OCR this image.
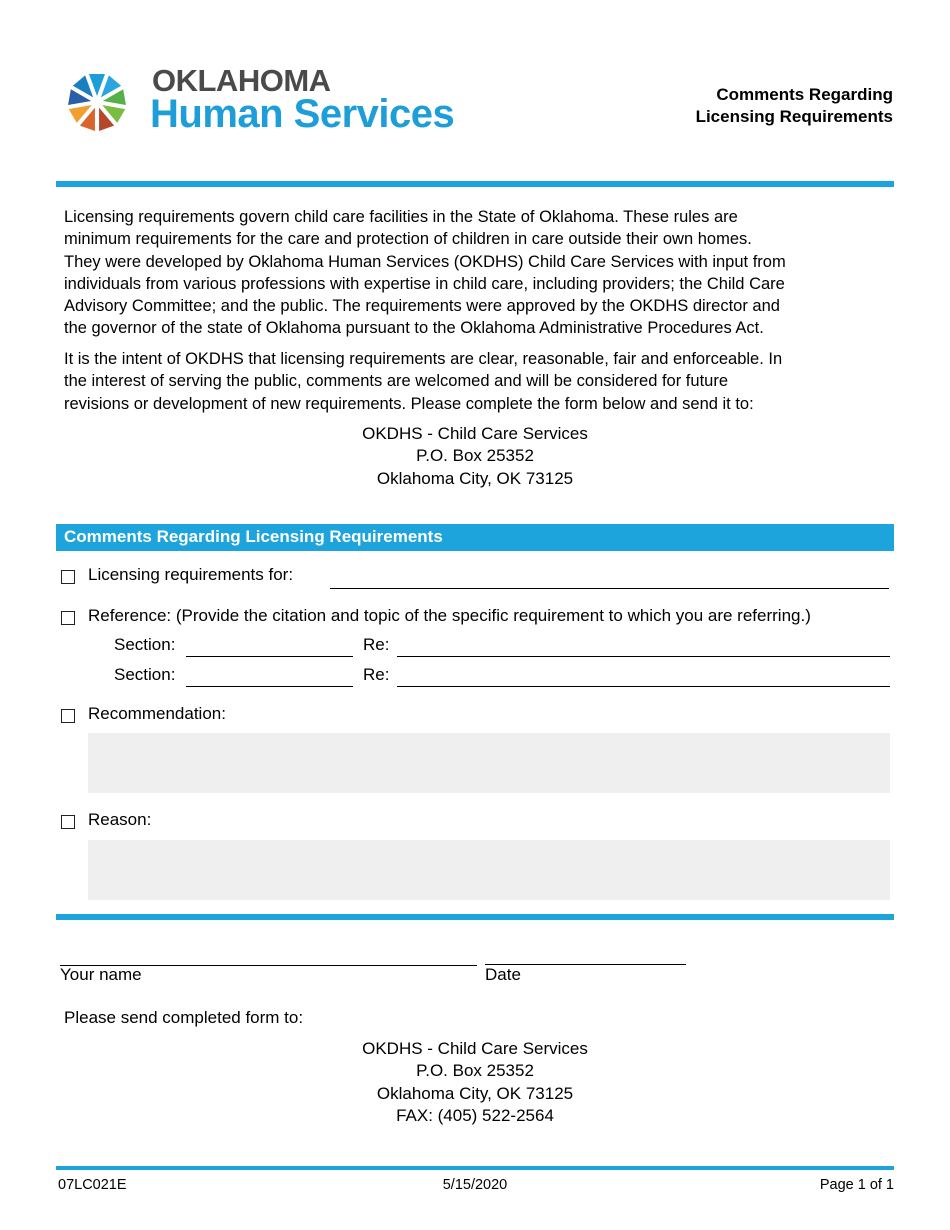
OKLAHOMA
Human Services	Comments Regarding
Licensing Requirements
Licensing requirements govern child care facilities in the State of Oklahoma. These rules are
minimum requirements for the care and protection of children in care outside their own homes.
They were developed by Oklahoma Human Services (OKDHS) Child Care Services with input from
individuals from various professions with expertise in child care, including providers; the Child Care
Advisory Committee; and the public. The requirements were approved by the OKDHS director and
the governor of the state of Oklahoma pursuant to the Oklahoma Administrative Procedures Act.
It is the intent of OKDHS that licensing requirements are clear, reasonable, fair and enforceable. In
the interest of serving the public, comments are welcomed and will be considered for future
revisions or development of new requirements. Please complete the form below and send it to:
OKDHS - Child Care Services
P.O. Box 25352
Oklahoma City, OK 73125
Comments Regarding Licensing Requirements
Licensing requirements for:
Reference: (Provide the citation and topic of the specific requirement to which you are referring.)
Section:	Re:
Section:	Re:
Recommendation:
Reason:
Your name	Date
Please send completed form to:
OKDHS - Child Care Services
P.O. Box 25352
Oklahoma City, OK 73125
FAX: (405) 522-2564
07LC021E	5/15/2020	Page 1 of 1
